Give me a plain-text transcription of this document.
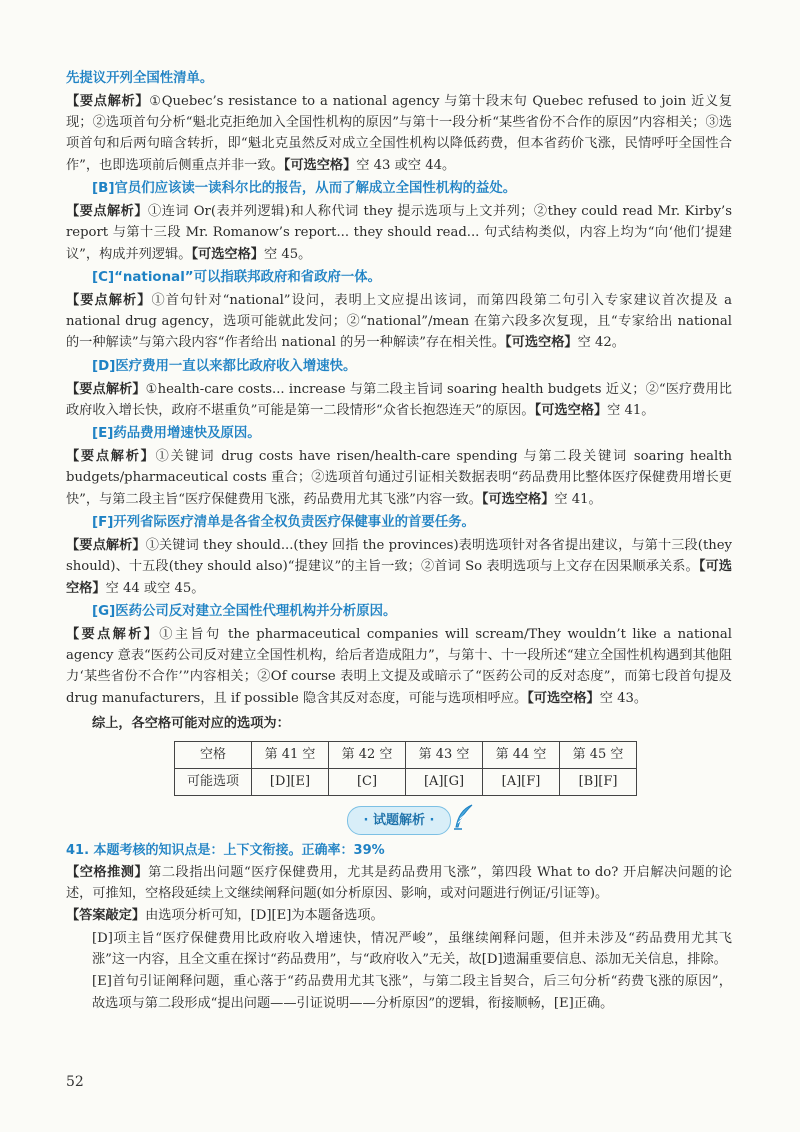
先提议开列全国性清单。
【要点解析】①Quebec’s resistance to a national agency 与第十段末句 Quebec refused to join 近义复现；②选项首句分析“魁北克拒绝加入全国性机构的原因”与第十一段分析“某些省份不合作的原因”内容相关；③选项首句和后两句暗含转折，即“魁北克虽然反对成立全国性机构以降低药费，但本省药价飞涨，民情呼吁全国性合作”，也即选项前后侧重点并非一致。【可选空格】空 43 或空 44。
[B]官员们应该读一读科尔比的报告，从而了解成立全国性机构的益处。
【要点解析】①连词 Or(表并列逻辑)和人称代词 they 提示选项与上文并列；②they could read Mr. Kirby’s report 与第十三段 Mr. Romanow’s report... they should read... 句式结构类似，内容上均为“向‘他们’提建议”，构成并列逻辑。【可选空格】空 45。
[C]“national”可以指联邦政府和省政府一体。
【要点解析】①首句针对“national”设问，表明上文应提出该词，而第四段第二句引入专家建议首次提及 a national drug agency，选项可能就此发问；②“national”/mean 在第六段多次复现，且“专家给出 national 的一种解读”与第六段内容“作者给出 national 的另一种解读”存在相关性。【可选空格】空 42。
[D]医疗费用一直以来都比政府收入增速快。
【要点解析】①health-care costs... increase 与第二段主旨词 soaring health budgets 近义；②“医疗费用比政府收入增长快，政府不堪重负”可能是第一二段情形“众省长抱怨连天”的原因。【可选空格】空 41。
[E]药品费用增速快及原因。
【要点解析】①关键词 drug costs have risen/health-care spending 与第二段关键词 soaring health budgets/pharmaceutical costs 重合；②选项首句通过引证相关数据表明“药品费用比整体医疗保健费用增长更快”，与第二段主旨“医疗保健费用飞涨，药品费用尤其飞涨”内容一致。【可选空格】空 41。
[F]开列省际医疗清单是各省全权负责医疗保健事业的首要任务。
【要点解析】①关键词 they should...(they 回指 the provinces)表明选项针对各省提出建议，与第十三段(they should)、十五段(they should also)“提建议”的主旨一致；②首词 So 表明选项与上文存在因果顺承关系。【可选空格】空 44 或空 45。
[G]医药公司反对建立全国性代理机构并分析原因。
【要点解析】①主旨句 the pharmaceutical companies will scream/They wouldn’t like a national agency 意表“医药公司反对建立全国性机构，给后者造成阻力”，与第十、十一段所述“建立全国性机构遇到其他阻力‘某些省份不合作’”内容相关；②Of course 表明上文提及或暗示了“医药公司的反对态度”，而第七段首句提及 drug manufacturers，且 if possible 隐含其反对态度，可能与选项相呼应。【可选空格】空 43。
综上，各空格可能对应的选项为：
空格	第 41 空	第 42 空	第 43 空	第 44 空	第 45 空
可能选项	[D][E]	[C]	[A][G]	[A][F]	[B][F]
· 试题解析 ·
41. 本题考核的知识点是：上下文衔接。正确率：39%
【空格推测】第二段指出问题“医疗保健费用，尤其是药品费用飞涨”，第四段 What to do? 开启解决问题的论述，可推知，空格段延续上文继续阐释问题(如分析原因、影响，或对问题进行例证/引证等)。
【答案敲定】由选项分析可知，[D][E]为本题备选项。
[D]项主旨“医疗保健费用比政府收入增速快，情况严峻”，虽继续阐释问题，但并未涉及“药品费用尤其飞涨”这一内容，且全文重在探讨“药品费用”，与“政府收入”无关，故[D]遗漏重要信息、添加无关信息，排除。
[E]首句引证阐释问题，重心落于“药品费用尤其飞涨”，与第二段主旨契合，后三句分析“药费飞涨的原因”，故选项与第二段形成“提出问题——引证说明——分析原因”的逻辑，衔接顺畅，[E]正确。
52
